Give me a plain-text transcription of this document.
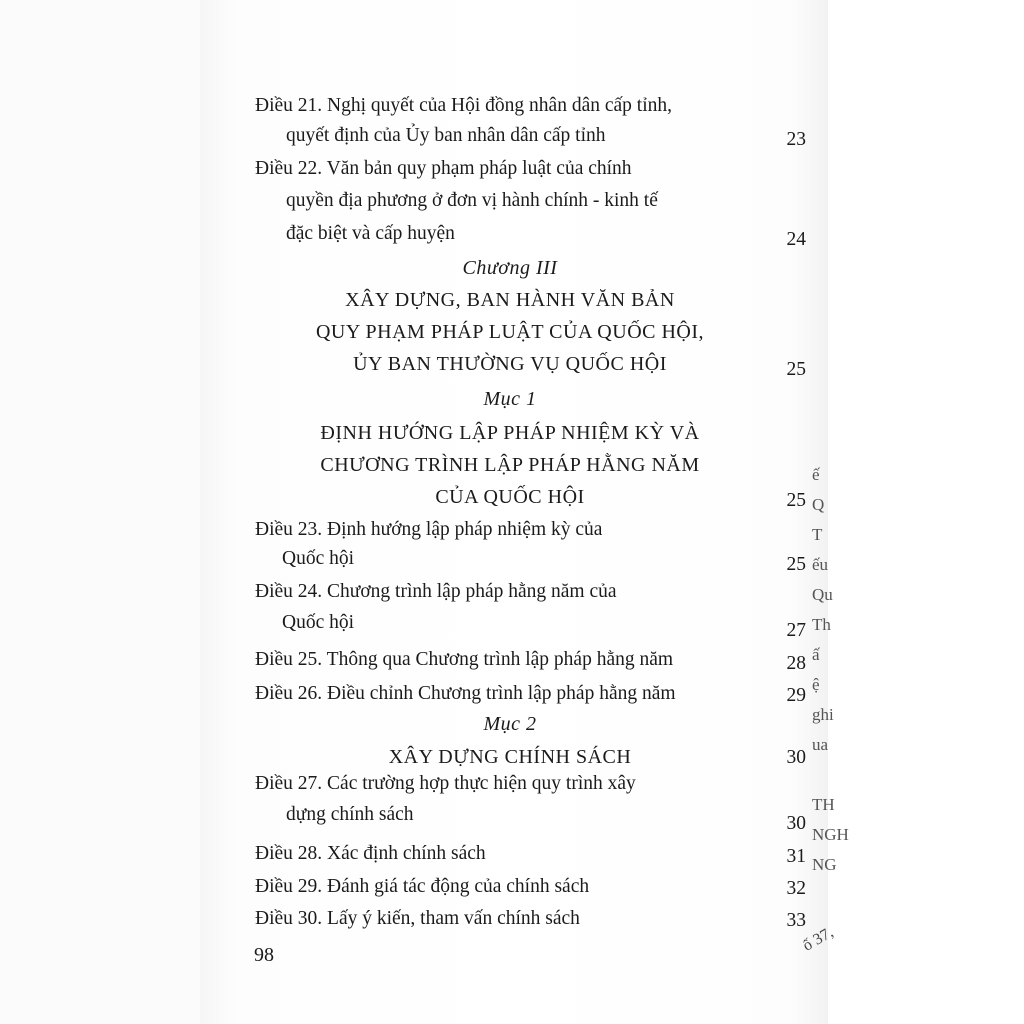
ế
Q
T
ếu
Qu
Th
ấ
ệ
ghi
ua
TH
NGH
NG
Điều 21. Nghị quyết của Hội đồng nhân dân cấp tỉnh,
quyết định của Ủy ban nhân dân cấp tỉnh	23
Điều 22. Văn bản quy phạm pháp luật của chính
quyền địa phương ở đơn vị hành chính - kinh tế
đặc biệt và cấp huyện	24
Chương III
XÂY DỰNG, BAN HÀNH VĂN BẢN
QUY PHẠM PHÁP LUẬT CỦA QUỐC HỘI,
ỦY BAN THƯỜNG VỤ QUỐC HỘI	25
Mục 1
ĐỊNH HƯỚNG LẬP PHÁP NHIỆM KỲ VÀ
CHƯƠNG TRÌNH LẬP PHÁP HẰNG NĂM
CỦA QUỐC HỘI	25
Điều 23. Định hướng lập pháp nhiệm kỳ của
Quốc hội	25
Điều 24. Chương trình lập pháp hằng năm của
Quốc hội	27
Điều 25. Thông qua Chương trình lập pháp hằng năm	28
Điều 26. Điều chỉnh Chương trình lập pháp hằng năm	29
Mục 2
XÂY DỰNG CHÍNH SÁCH	30
Điều 27. Các trường hợp thực hiện quy trình xây
dựng chính sách	30
Điều 28. Xác định chính sách	31
Điều 29. Đánh giá tác động của chính sách	32
Điều 30. Lấy ý kiến, tham vấn chính sách	33
98
ố 37,
